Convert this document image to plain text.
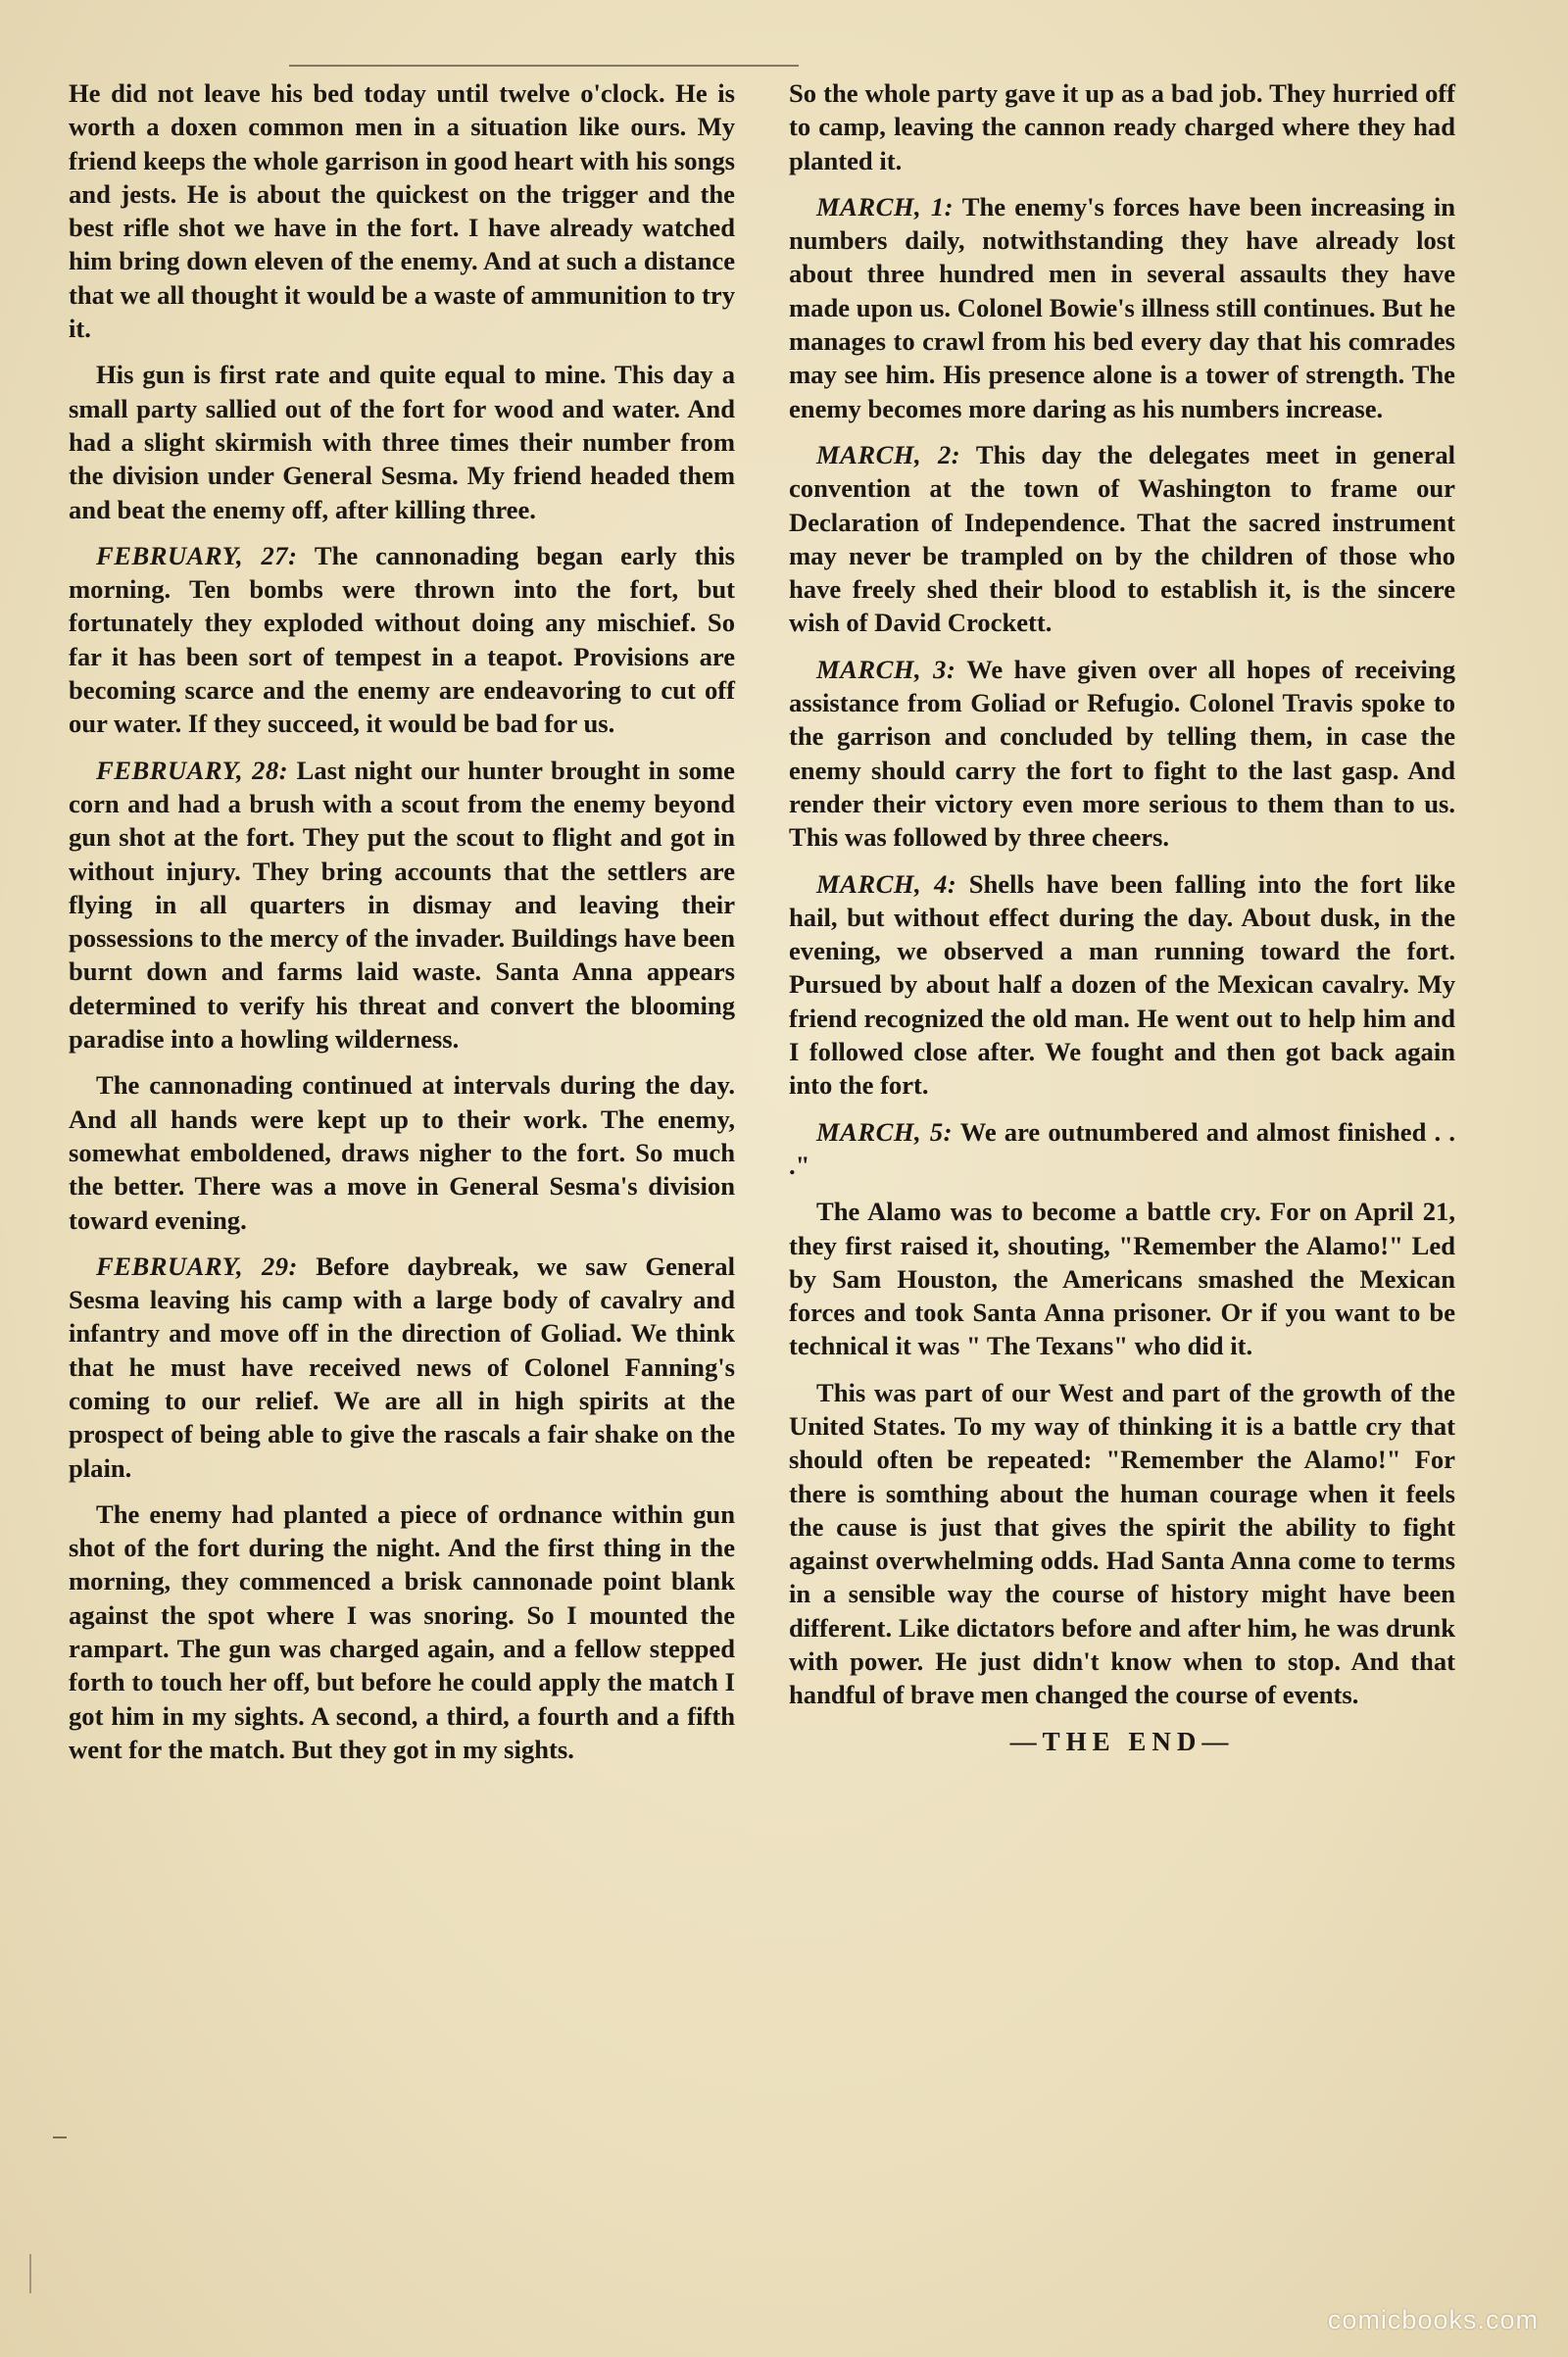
He did not leave his bed today until twelve o'clock. He is worth a doxen common men in a situation like ours. My friend keeps the whole garrison in good heart with his songs and jests. He is about the quickest on the trigger and the best rifle shot we have in the fort. I have already watched him bring down eleven of the enemy. And at such a distance that we all thought it would be a waste of ammunition to try it.

His gun is first rate and quite equal to mine. This day a small party sallied out of the fort for wood and water. And had a slight skirmish with three times their number from the division under General Sesma. My friend headed them and beat the enemy off, after killing three.

FEBRUARY, 27: The cannonading began early this morning. Ten bombs were thrown into the fort, but fortunately they exploded without doing any mischief. So far it has been sort of tempest in a teapot. Provisions are becoming scarce and the enemy are endeavoring to cut off our water. If they succeed, it would be bad for us.

FEBRUARY, 28: Last night our hunter brought in some corn and had a brush with a scout from the enemy beyond gun shot at the fort. They put the scout to flight and got in without injury. They bring accounts that the settlers are flying in all quarters in dismay and leaving their possessions to the mercy of the invader. Buildings have been burnt down and farms laid waste. Santa Anna appears determined to verify his threat and convert the blooming paradise into a howling wilderness.

The cannonading continued at intervals during the day. And all hands were kept up to their work. The enemy, somewhat emboldened, draws nigher to the fort. So much the better. There was a move in General Sesma's division toward evening.

FEBRUARY, 29: Before daybreak, we saw General Sesma leaving his camp with a large body of cavalry and infantry and move off in the direction of Goliad. We think that he must have received news of Colonel Fanning's coming to our relief. We are all in high spirits at the prospect of being able to give the rascals a fair shake on the plain.

The enemy had planted a piece of ordnance within gun shot of the fort during the night. And the first thing in the morning, they commenced a brisk cannonade point blank against the spot where I was snoring. So I mounted the rampart. The gun was charged again, and a fellow stepped forth to touch her off, but before he could apply the match I got him in my sights. A second, a third, a fourth and a fifth went for the match. But they got in my sights.

So the whole party gave it up as a bad job. They hurried off to camp, leaving the cannon ready charged where they had planted it.

MARCH, 1: The enemy's forces have been increasing in numbers daily, notwithstanding they have already lost about three hundred men in several assaults they have made upon us. Colonel Bowie's illness still continues. But he manages to crawl from his bed every day that his comrades may see him. His presence alone is a tower of strength. The enemy becomes more daring as his numbers increase.

MARCH, 2: This day the delegates meet in general convention at the town of Washington to frame our Declaration of Independence. That the sacred instrument may never be trampled on by the children of those who have freely shed their blood to establish it, is the sincere wish of David Crockett.

MARCH, 3: We have given over all hopes of receiving assistance from Goliad or Refugio. Colonel Travis spoke to the garrison and concluded by telling them, in case the enemy should carry the fort to fight to the last gasp. And render their victory even more serious to them than to us. This was followed by three cheers.

MARCH, 4: Shells have been falling into the fort like hail, but without effect during the day. About dusk, in the evening, we observed a man running toward the fort. Pursued by about half a dozen of the Mexican cavalry. My friend recognized the old man. He went out to help him and I followed close after. We fought and then got back again into the fort.

MARCH, 5: We are outnumbered and almost finished . . ."

The Alamo was to become a battle cry. For on April 21, they first raised it, shouting, "Remember the Alamo!" Led by Sam Houston, the Americans smashed the Mexican forces and took Santa Anna prisoner. Or if you want to be technical it was " The Texans" who did it.

This was part of our West and part of the growth of the United States. To my way of thinking it is a battle cry that should often be repeated: "Remember the Alamo!" For there is somthing about the human courage when it feels the cause is just that gives the spirit the ability to fight against overwhelming odds. Had Santa Anna come to terms in a sensible way the course of history might have been different. Like dictators before and after him, he was drunk with power. He just didn't know when to stop. And that handful of brave men changed the course of events.

—THE END—

comicbooks.com
